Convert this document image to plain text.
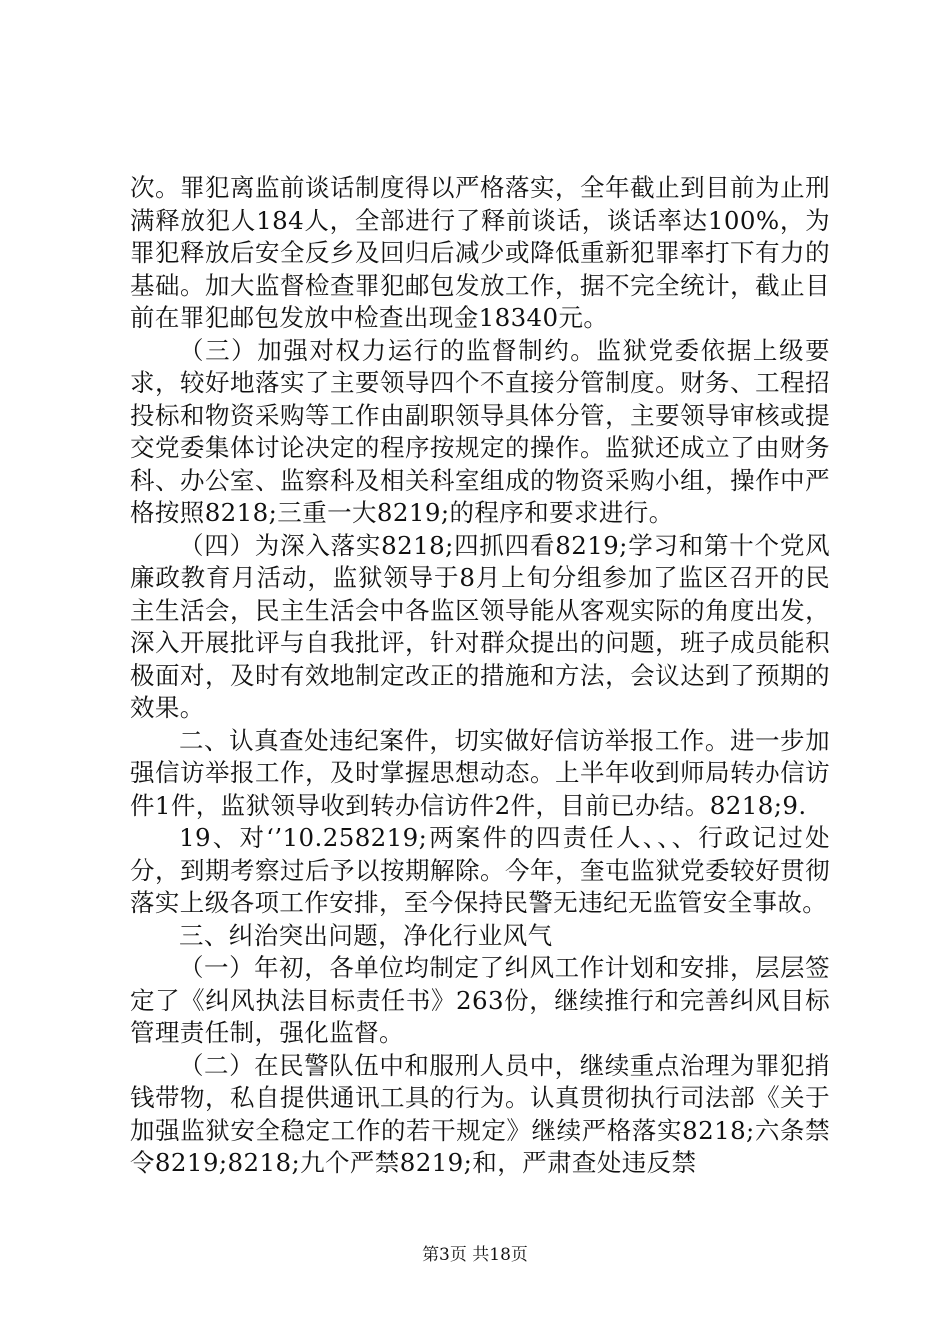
次。罪犯离监前谈话制度得以严格落实，全年截止到目前为止刑满释放犯人184人，全部进行了释前谈话，谈话率达100%，为罪犯释放后安全反乡及回归后减少或降低重新犯罪率打下有力的基础。加大监督检查罪犯邮包发放工作，据不完全统计，截止目前在罪犯邮包发放中检查出现金18340元。

（三）加强对权力运行的监督制约。监狱党委依据上级要求，较好地落实了主要领导四个不直接分管制度。财务、工程招投标和物资采购等工作由副职领导具体分管，主要领导审核或提交党委集体讨论决定的程序按规定的操作。监狱还成立了由财务科、办公室、监察科及相关科室组成的物资采购小组，操作中严格按照8218;三重一大8219;的程序和要求进行。

（四）为深入落实8218;四抓四看8219;学习和第十个党风廉政教育月活动，监狱领导于8月上旬分组参加了监区召开的民主生活会，民主生活会中各监区领导能从客观实际的角度出发，深入开展批评与自我批评，针对群众提出的问题，班子成员能积极面对，及时有效地制定改正的措施和方法，会议达到了预期的效果。

二、认真查处违纪案件，切实做好信访举报工作。进一步加强信访举报工作，及时掌握思想动态。上半年收到师局转办信访件1件，监狱领导收到转办信访件2件，目前已办结。8218;9.

19、对‘’10.258219;两案件的四责任人、、、行政记过处分，到期考察过后予以按期解除。今年，奎屯监狱党委较好贯彻落实上级各项工作安排，至今保持民警无违纪无监管安全事故。

三、纠治突出问题，净化行业风气

（一）年初，各单位均制定了纠风工作计划和安排，层层签定了《纠风执法目标责任书》263份，继续推行和完善纠风目标管理责任制，强化监督。

（二）在民警队伍中和服刑人员中，继续重点治理为罪犯捎钱带物，私自提供通讯工具的行为。认真贯彻执行司法部《关于加强监狱安全稳定工作的若干规定》继续严格落实8218;六条禁令8219;8218;九个严禁8219;和，严肃查处违反禁

第3页 共18页
